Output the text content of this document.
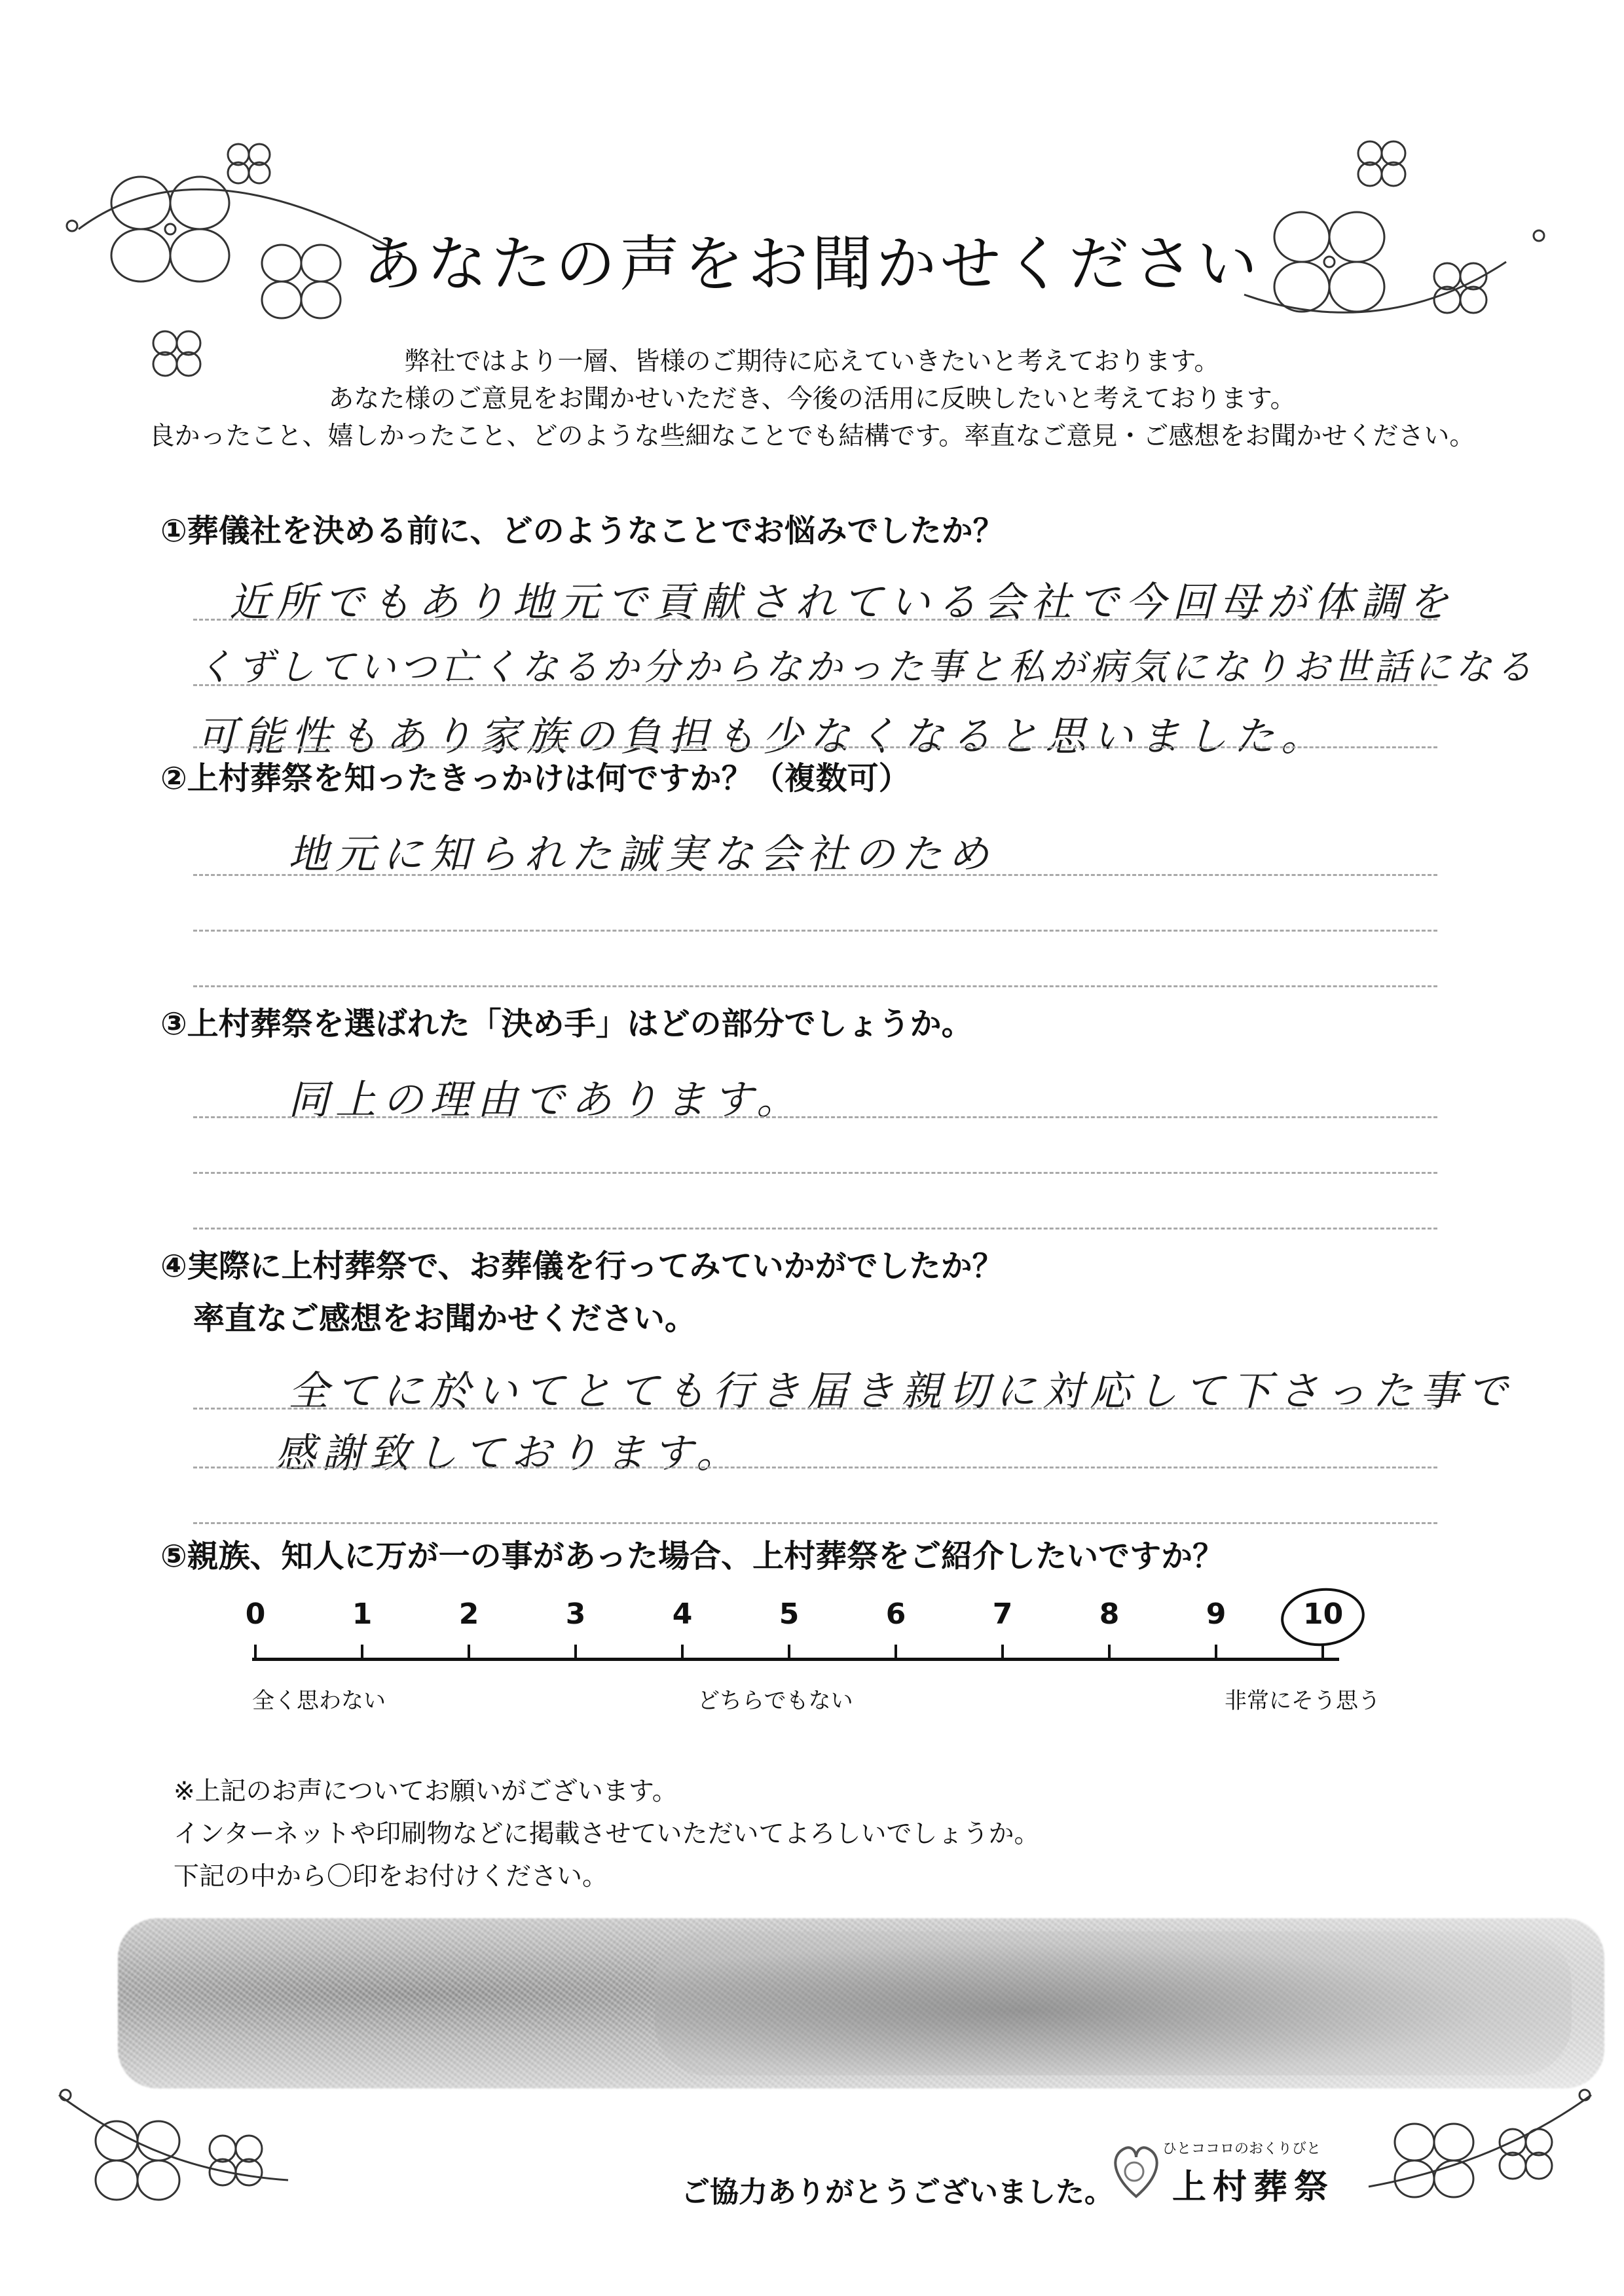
あなたの声をお聞かせください
弊社ではより一層、皆様のご期待に応えていきたいと考えております。
あなた様のご意見をお聞かせいただき、今後の活用に反映したいと考えております。
良かったこと、嬉しかったこと、どのような些細なことでも結構です。率直なご意見・ご感想をお聞かせください。
①葬儀社を決める前に、どのようなことでお悩みでしたか？
近所でもあり地元で貢献されている会社で今回母が体調を
くずしていつ亡くなるか分からなかった事と私が病気になりお世話になる
可能性もあり家族の負担も少なくなると思いました。
②上村葬祭を知ったきっかけは何ですか？（複数可）
地元に知られた誠実な会社のため
③上村葬祭を選ばれた「決め手」はどの部分でしょうか。
同上の理由であります。
④実際に上村葬祭で、お葬儀を行ってみていかがでしたか？
率直なご感想をお聞かせください。
全てに於いてとても行き届き親切に対応して下さった事で
感謝致しております。
⑤親族、知人に万が一の事があった場合、上村葬祭をご紹介したいですか？
0	1	2	3	4	5	6	7	8	9	10
全く思わない	どちらでもない	非常にそう思う
※上記のお声についてお願いがございます。
インターネットや印刷物などに掲載させていただいてよろしいでしょうか。
下記の中から〇印をお付けください。
ご協力ありがとうございました。
ひとココロのおくりびと
上村葬祭
